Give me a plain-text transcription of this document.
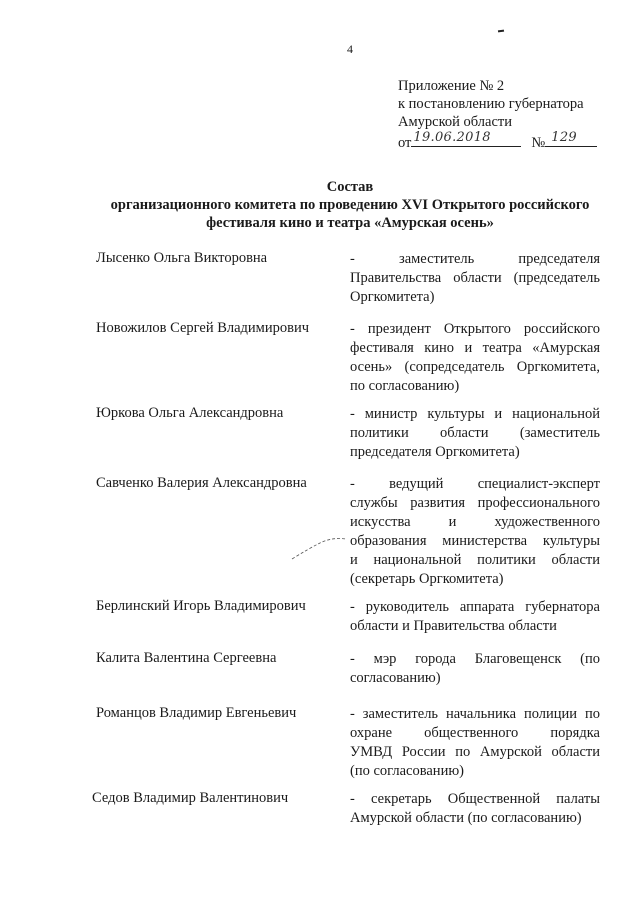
4
Приложение № 2
к постановлению губернатора
Амурской области
от 19.06.2018	№ 129
Состав
организационного комитета по проведению XVI Открытого российского
фестиваля кино и театра «Амурская осень»
Лысенко Ольга Викторовна	- заместитель председателя
Правительства области (председатель
Оргкомитета)
Новожилов Сергей Владимирович	- президент Открытого российского
фестиваля кино и театра «Амурская
осень» (сопредседатель Оргкомитета,
по согласованию)
Юркова Ольга Александровна	- министр культуры и национальной
политики области (заместитель
председателя Оргкомитета)
Савченко Валерия Александровна	- ведущий специалист-эксперт
службы развития профессионального
искусства и художественного
образования министерства культуры
и национальной политики области
(секретарь Оргкомитета)
Берлинский Игорь Владимирович	- руководитель аппарата губернатора
области и Правительства области
Калита Валентина Сергеевна	- мэр города Благовещенск (по
согласованию)
Романцов Владимир Евгеньевич	- заместитель начальника полиции по
охране общественного порядка
УМВД России по Амурской области
(по согласованию)
Седов Владимир Валентинович	- секретарь Общественной палаты
Амурской области (по согласованию)
